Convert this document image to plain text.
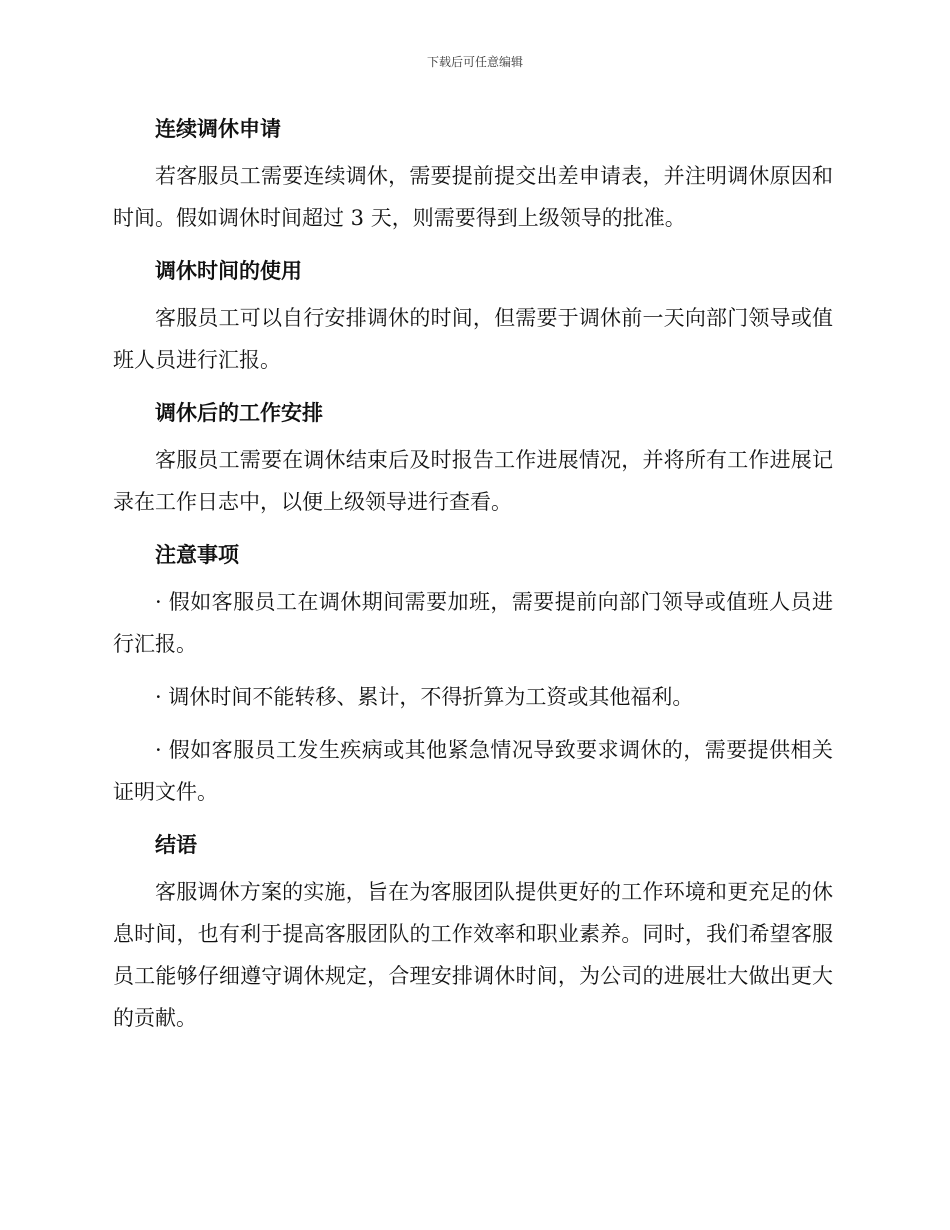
下载后可任意编辑
连续调休申请

若客服员工需要连续调休，需要提前提交出差申请表，并注明调休原因和时间。假如调休时间超过 3 天，则需要得到上级领导的批准。

调休时间的使用

客服员工可以自行安排调休的时间，但需要于调休前一天向部门领导或值班人员进行汇报。

调休后的工作安排

客服员工需要在调休结束后及时报告工作进展情况，并将所有工作进展记录在工作日志中，以便上级领导进行查看。

注意事项

· 假如客服员工在调休期间需要加班，需要提前向部门领导或值班人员进行汇报。

· 调休时间不能转移、累计，不得折算为工资或其他福利。

· 假如客服员工发生疾病或其他紧急情况导致要求调休的，需要提供相关证明文件。

结语

客服调休方案的实施，旨在为客服团队提供更好的工作环境和更充足的休息时间，也有利于提高客服团队的工作效率和职业素养。同时，我们希望客服员工能够仔细遵守调休规定，合理安排调休时间，为公司的进展壮大做出更大的贡献。
